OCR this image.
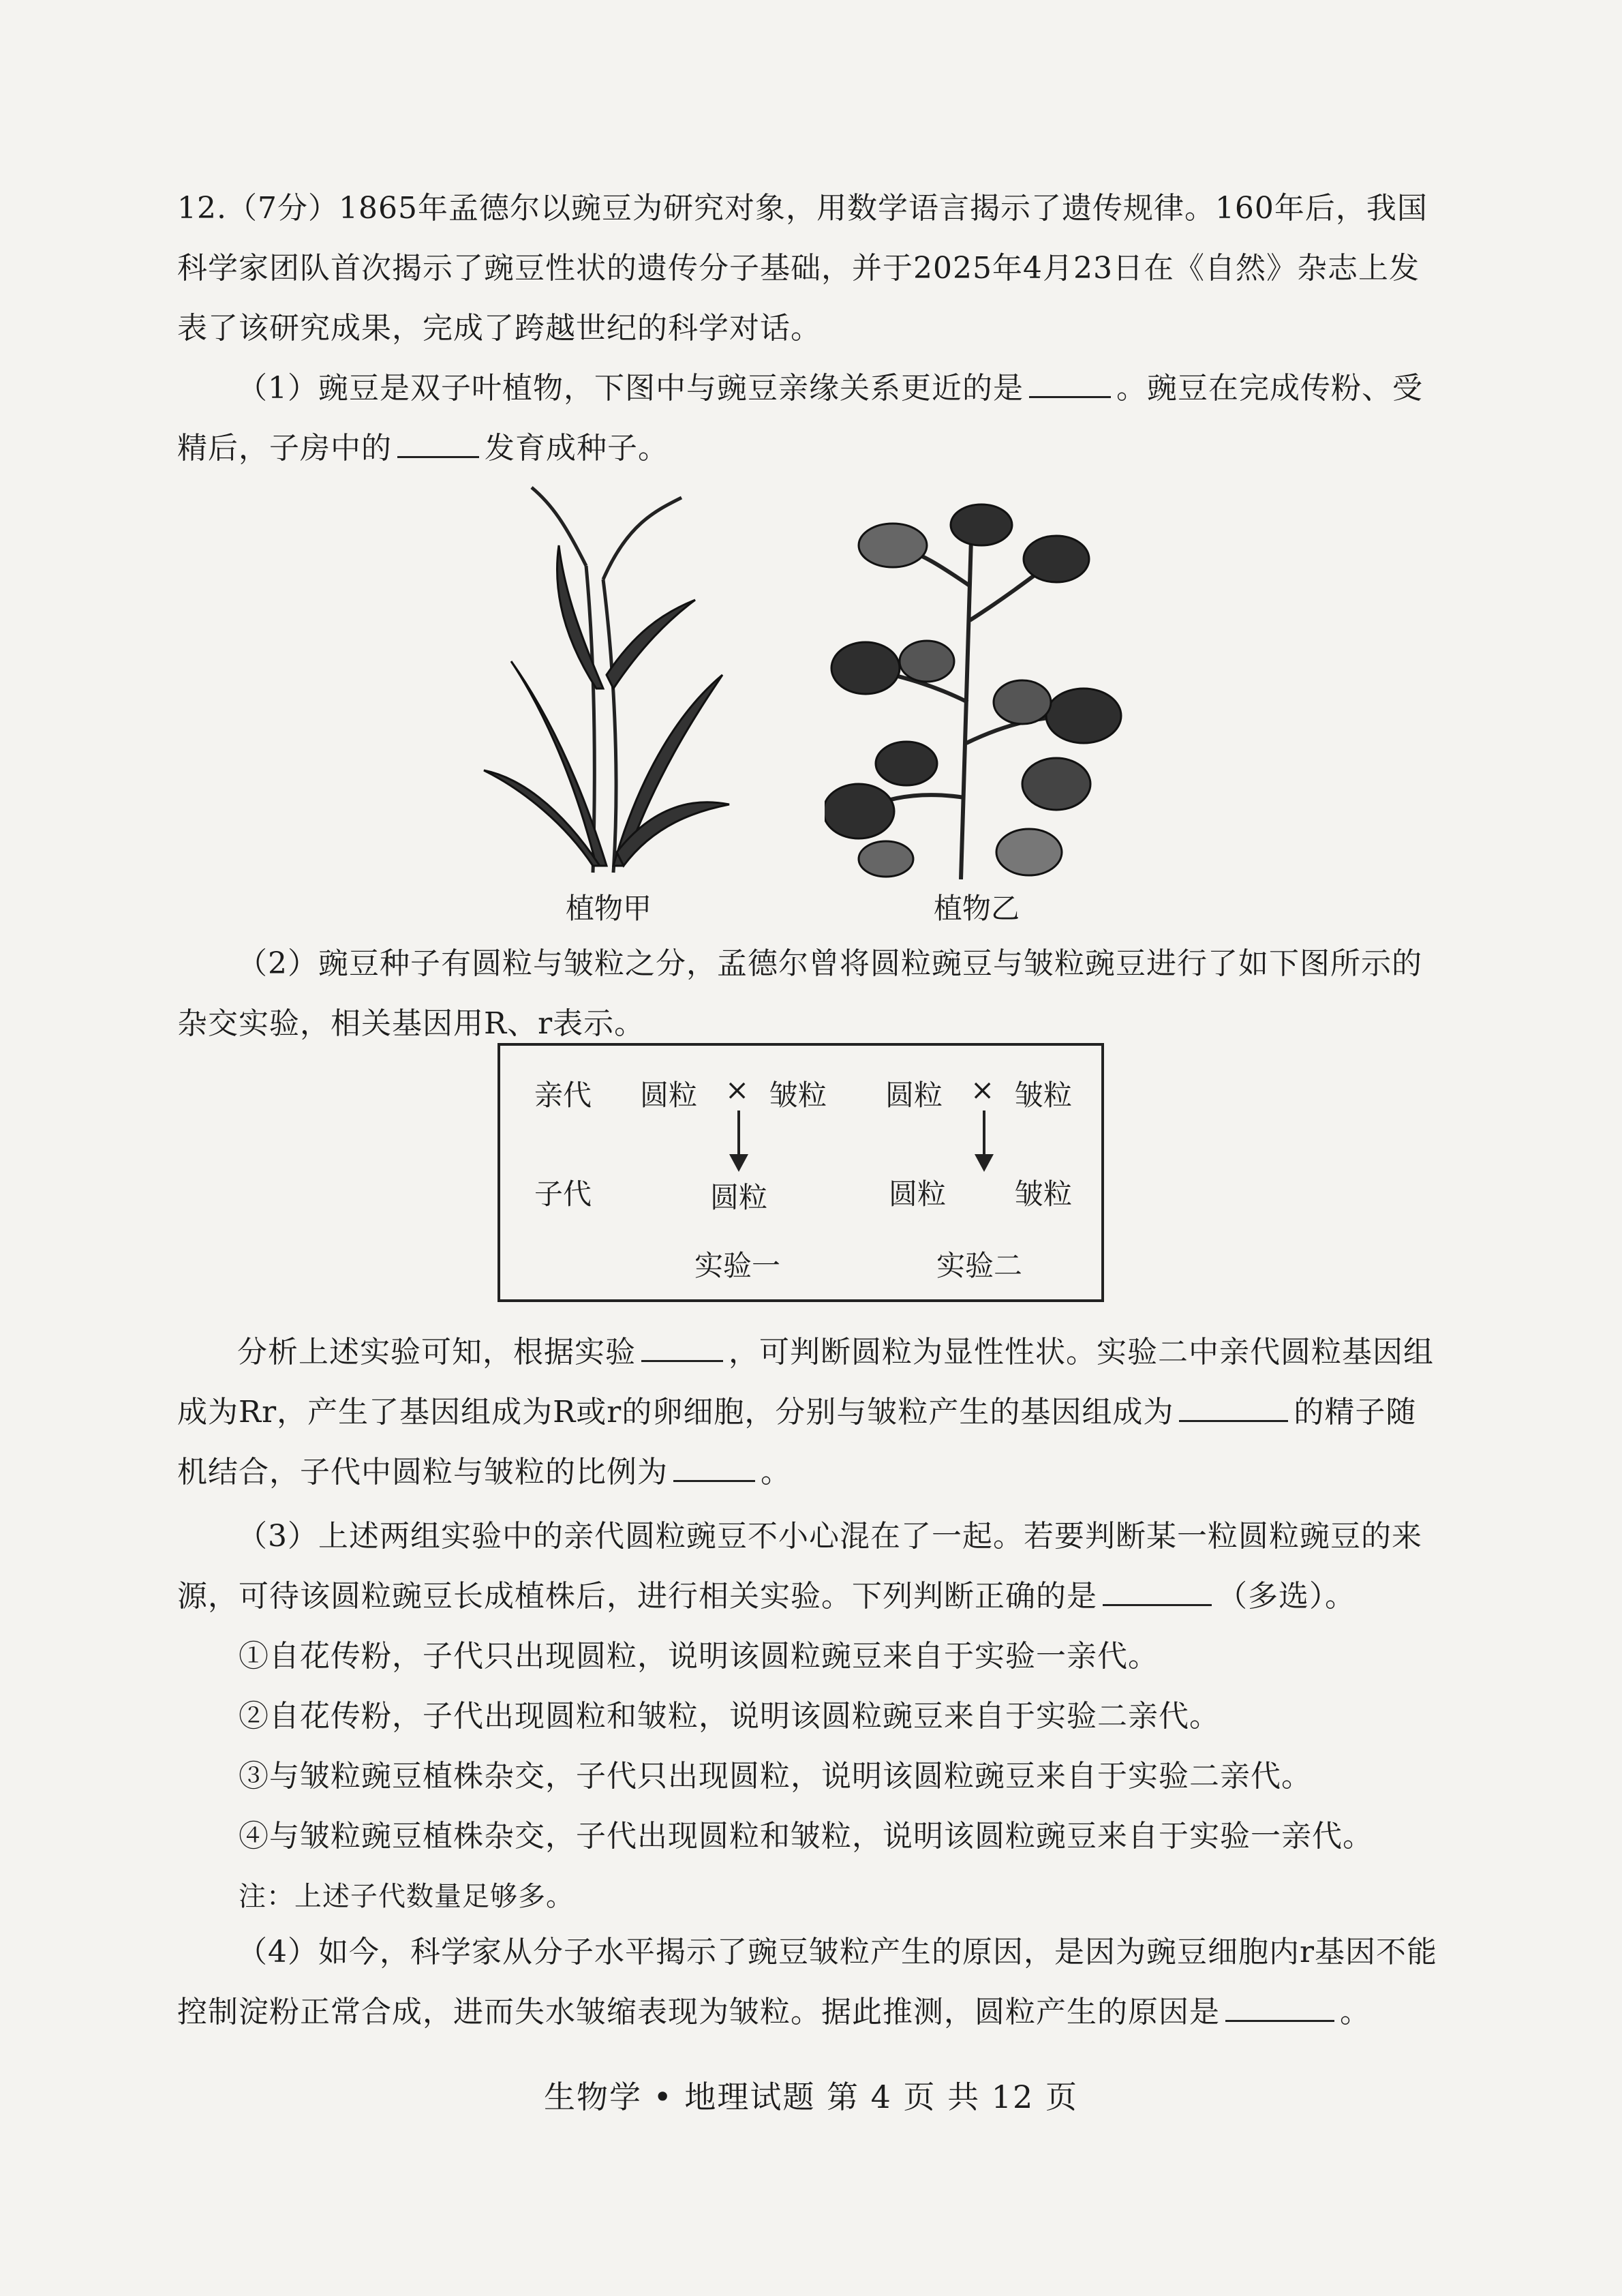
12.（7分）1865年孟德尔以豌豆为研究对象，用数学语言揭示了遗传规律。160年后，我国科学家团队首次揭示了豌豆性状的遗传分子基础，并于2025年4月23日在《自然》杂志上发表了该研究成果，完成了跨越世纪的科学对话。

（1）豌豆是双子叶植物，下图中与豌豆亲缘关系更近的是	。豌豆在完成传粉、受精后，子房中的	发育成种子。

植物甲	植物乙

（2）豌豆种子有圆粒与皱粒之分，孟德尔曾将圆粒豌豆与皱粒豌豆进行了如下图所示的杂交实验，相关基因用R、r表示。

亲代 圆粒 × 皱粒 圆粒 × 皱粒
子代	圆粒	圆粒 皱粒
实验一	实验二

分析上述实验可知，根据实验	，可判断圆粒为显性性状。实验二中亲代圆粒基因组成为Rr，产生了基因组成为R或r的卵细胞，分别与皱粒产生的基因组成为	的精子随机结合，子代中圆粒与皱粒的比例为	。

（3）上述两组实验中的亲代圆粒豌豆不小心混在了一起。若要判断某一粒圆粒豌豆的来源，可待该圆粒豌豆长成植株后，进行相关实验。下列判断正确的是	（多选）。

①自花传粉，子代只出现圆粒，说明该圆粒豌豆来自于实验一亲代。

②自花传粉，子代出现圆粒和皱粒，说明该圆粒豌豆来自于实验二亲代。

③与皱粒豌豆植株杂交，子代只出现圆粒，说明该圆粒豌豆来自于实验二亲代。

④与皱粒豌豆植株杂交，子代出现圆粒和皱粒，说明该圆粒豌豆来自于实验一亲代。

注：上述子代数量足够多。

（4）如今，科学家从分子水平揭示了豌豆皱粒产生的原因，是因为豌豆细胞内r基因不能控制淀粉正常合成，进而失水皱缩表现为皱粒。据此推测，圆粒产生的原因是	。

生物学 • 地理试题 第 4 页 共 12 页
